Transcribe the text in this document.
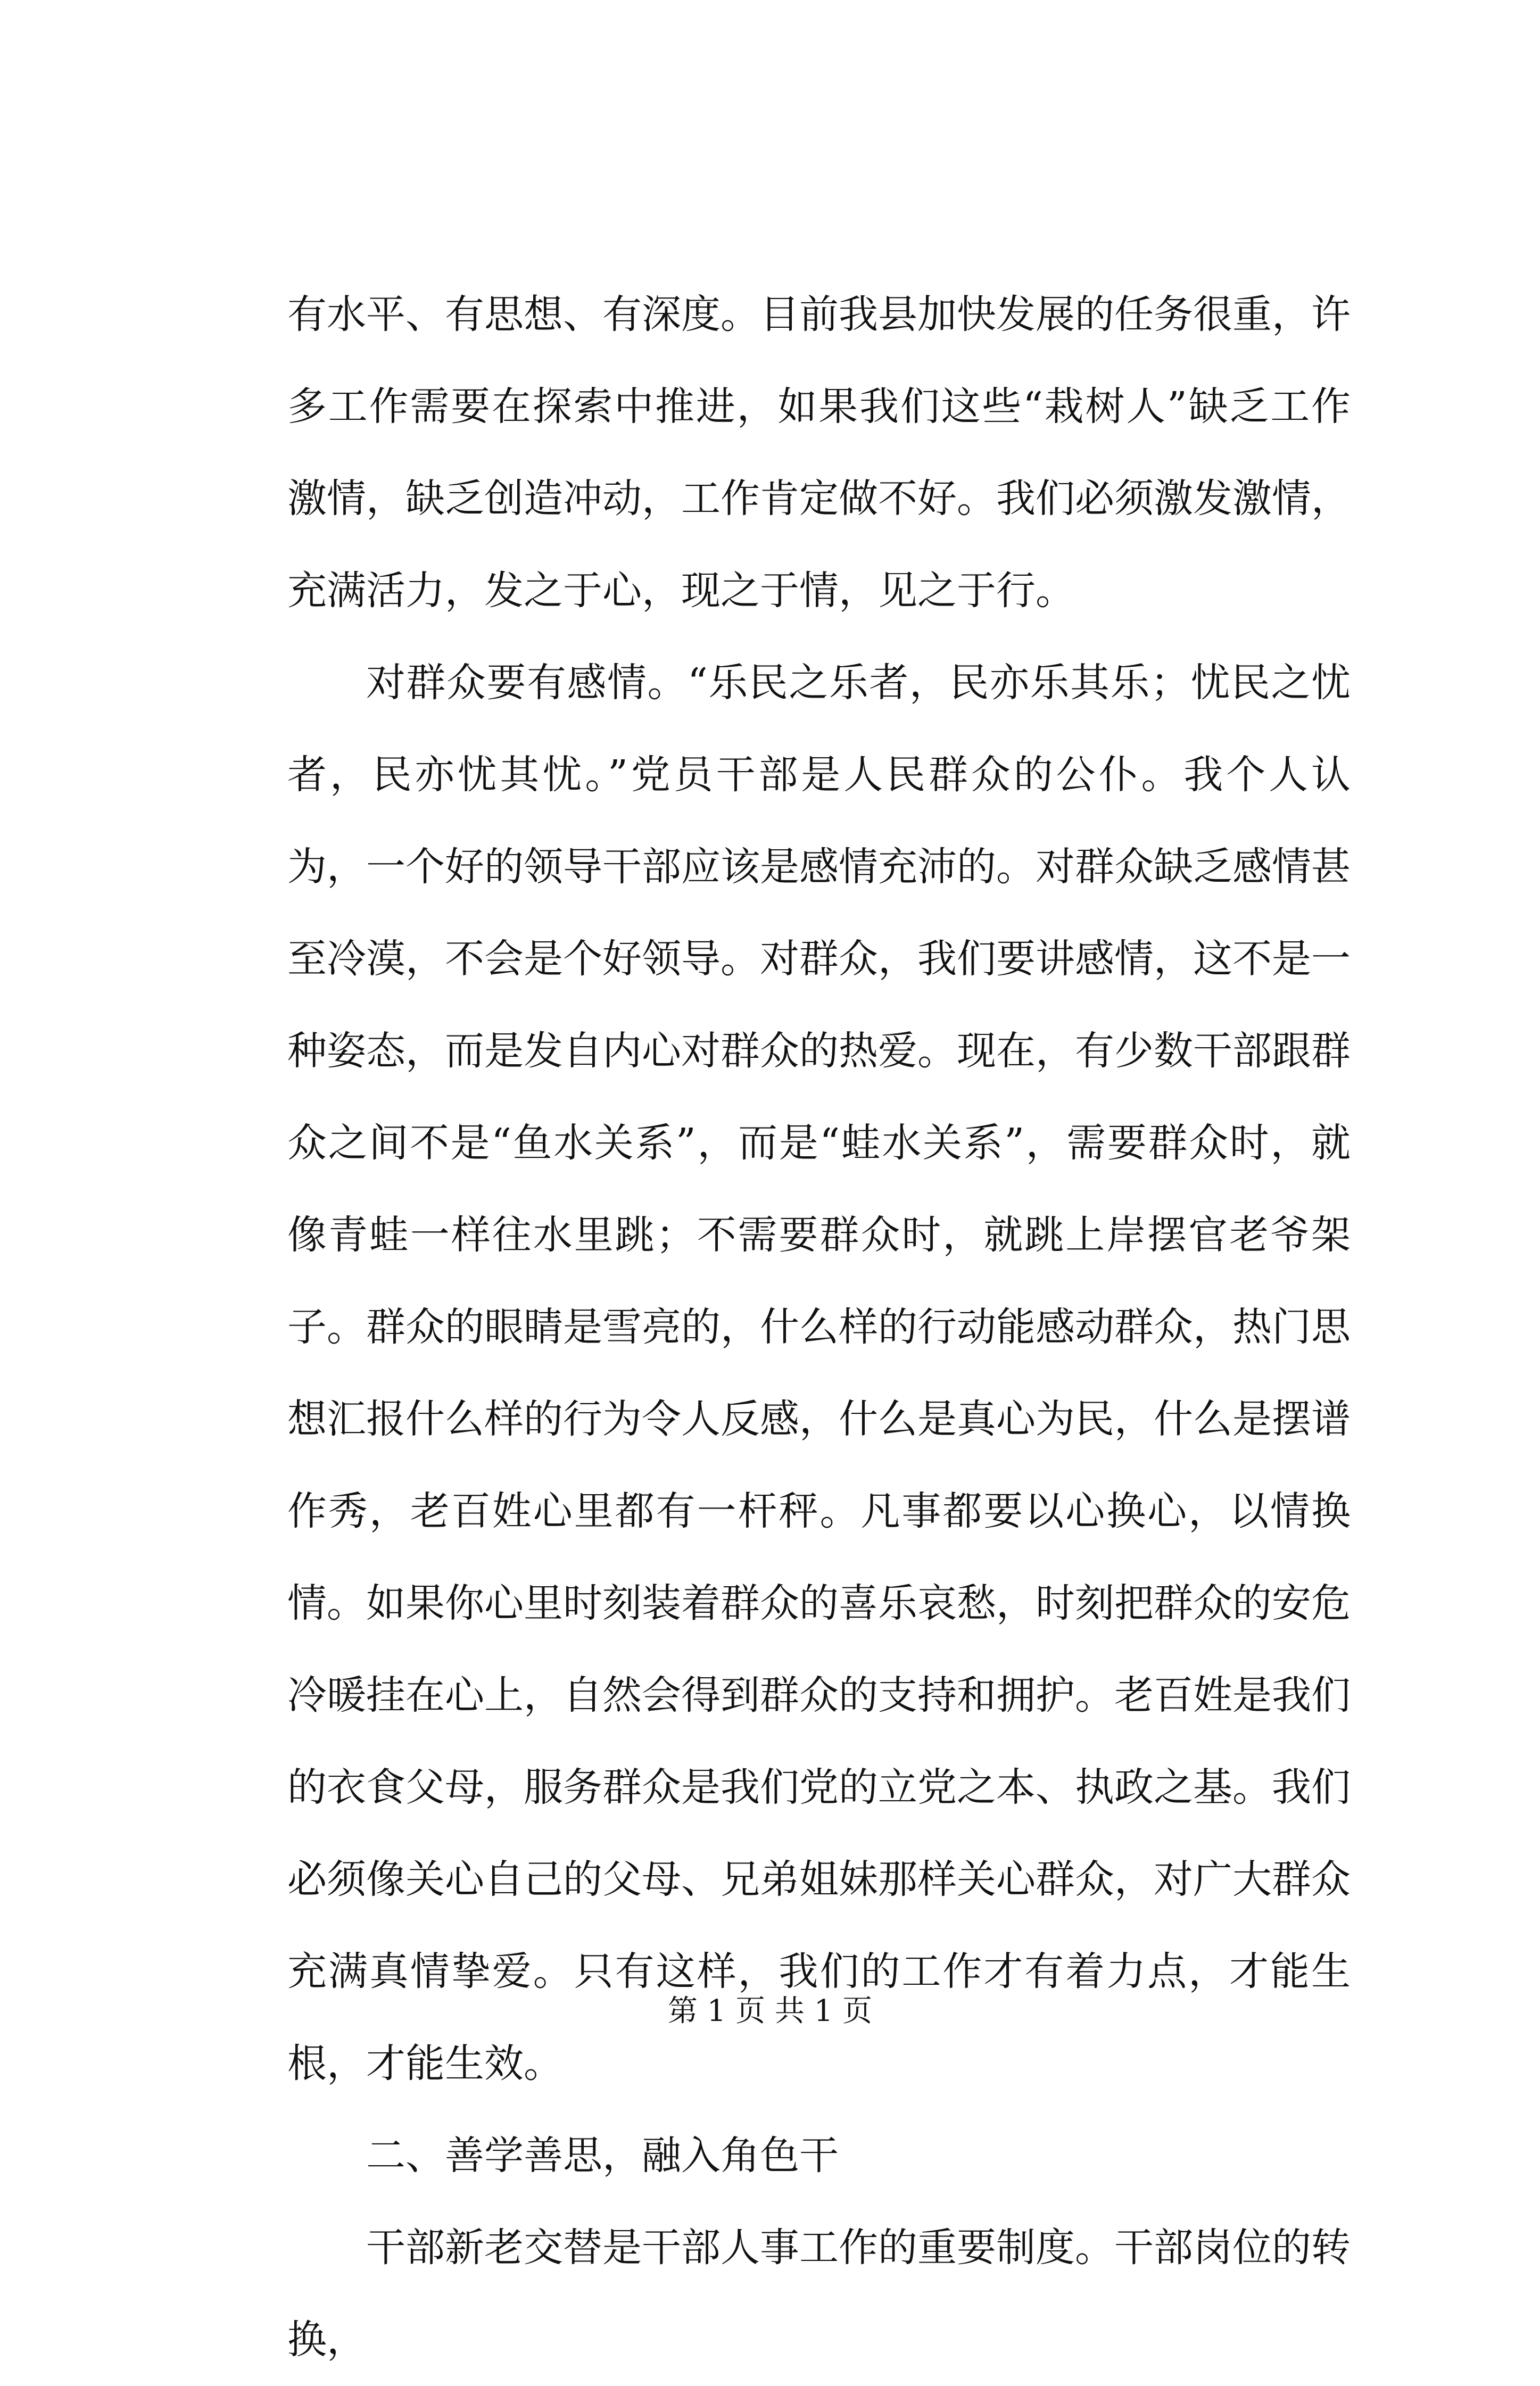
有水平、有思想、有深度。目前我县加快发展的任务很重，许多工作需要在探索中推进，如果我们这些“栽树人”缺乏工作激情，缺乏创造冲动，工作肯定做不好。我们必须激发激情，充满活力，发之于心，现之于情，见之于行。

对群众要有感情。“乐民之乐者，民亦乐其乐；忧民之忧者，民亦忧其忧。”党员干部是人民群众的公仆。我个人认为，一个好的领导干部应该是感情充沛的。对群众缺乏感情甚至冷漠，不会是个好领导。对群众，我们要讲感情，这不是一种姿态，而是发自内心对群众的热爱。现在，有少数干部跟群众之间不是“鱼水关系”，而是“蛙水关系”，需要群众时，就像青蛙一样往水里跳；不需要群众时，就跳上岸摆官老爷架子。群众的眼睛是雪亮的，什么样的行动能感动群众，热门思想汇报什么样的行为令人反感，什么是真心为民，什么是摆谱作秀，老百姓心里都有一杆秤。凡事都要以心换心，以情换情。如果你心里时刻装着群众的喜乐哀愁，时刻把群众的安危冷暖挂在心上，自然会得到群众的支持和拥护。老百姓是我们的衣食父母，服务群众是我们党的立党之本、执政之基。我们必须像关心自己的父母、兄弟姐妹那样关心群众，对广大群众充满真情挚爱。只有这样，我们的工作才有着力点，才能生根，才能生效。

二、善学善思，融入角色干

干部新老交替是干部人事工作的重要制度。干部岗位的转换，

第 1 页 共 1 页
